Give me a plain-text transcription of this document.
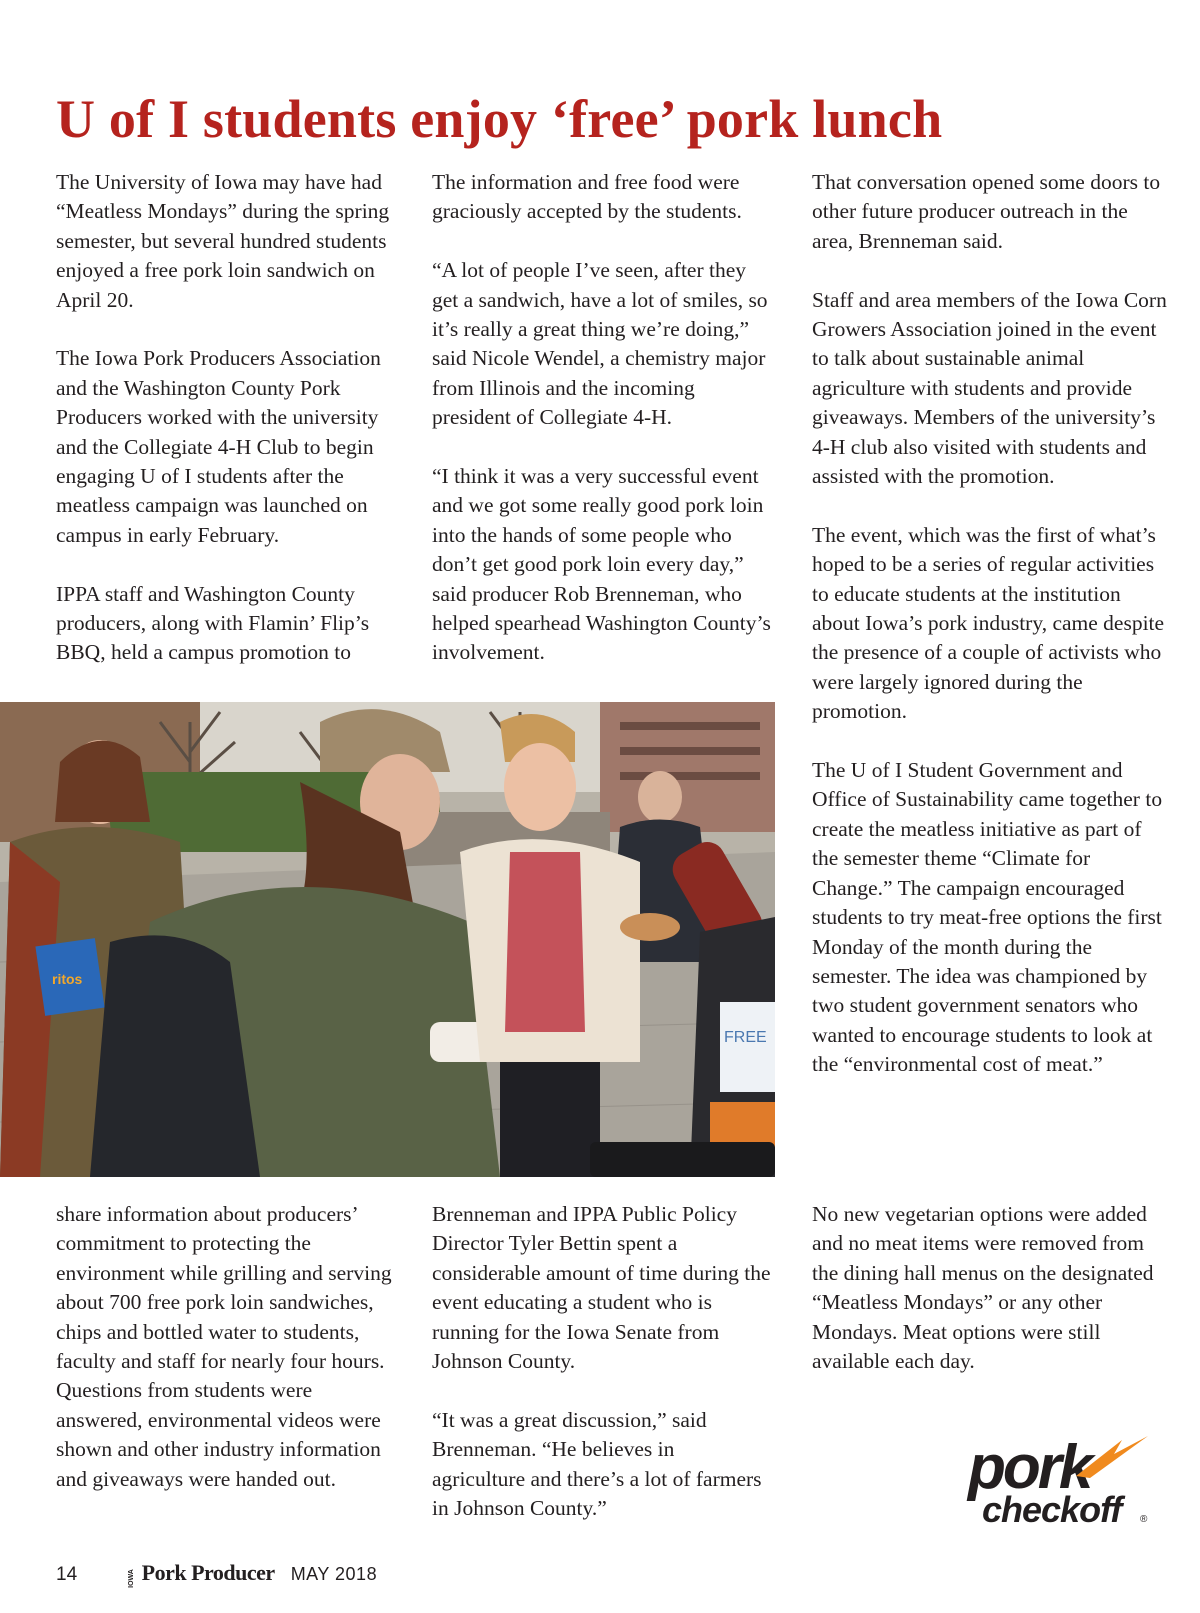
U of I students enjoy ‘free’ pork lunch

The University of Iowa may have had “Meatless Mondays” during the spring semester, but several hundred students enjoyed a free pork loin sandwich on April 20.

The Iowa Pork Producers Association and the Washington County Pork Producers worked with the university and the Collegiate 4-H Club to begin engaging U of I students after the meatless campaign was launched on campus in early February.

IPPA staff and Washington County producers, along with Flamin’ Flip’s BBQ, held a campus promotion to

The information and free food were graciously accepted by the students.

“A lot of people I’ve seen, after they get a sandwich, have a lot of smiles, so it’s really a great thing we’re doing,” said Nicole Wendel, a chemistry major from Illinois and the incoming president of Collegiate 4-H.

“I think it was a very successful event and we got some really good pork loin into the hands of some people who don’t get good pork loin every day,” said producer Rob Brenneman, who helped spearhead Washington County’s involvement.

That conversation opened some doors to other future producer outreach in the area, Brenneman said.

Staff and area members of the Iowa Corn Growers Association joined in the event to talk about sustainable animal agriculture with students and provide giveaways. Members of the university’s 4-H club also visited with students and assisted with the promotion.

The event, which was the first of what’s hoped to be a series of regular activities to educate students at the institution about Iowa’s pork industry, came despite the presence of a couple of activists who were largely ignored during the promotion.

The U of I Student Government and Office of Sustainability came together to create the meatless initiative as part of the semester theme “Climate for Change.” The campaign encouraged students to try meat-free options the first Monday of the month during the semester. The idea was championed by two student government senators who wanted to encourage students to look at the “environmental cost of meat.”

ritos
FREE

share information about producers’ commitment to protecting the environment while grilling and serving about 700 free pork loin sandwiches, chips and bottled water to students, faculty and staff for nearly four hours. Questions from students were answered, environmental videos were shown and other industry information and giveaways were handed out.

Brenneman and IPPA Public Policy Director Tyler Bettin spent a considerable amount of time during the event educating a student who is running for the Iowa Senate from Johnson County.

“It was a great discussion,” said Brenneman. “He believes in agriculture and there’s a lot of farmers in Johnson County.”

No new vegetarian options were added and no meat items were removed from the dining hall menus on the designated “Meatless Mondays” or any other Mondays. Meat options were still available each day.

pork
checkoff	®
14	IOWA Pork Producer MAY 2018
